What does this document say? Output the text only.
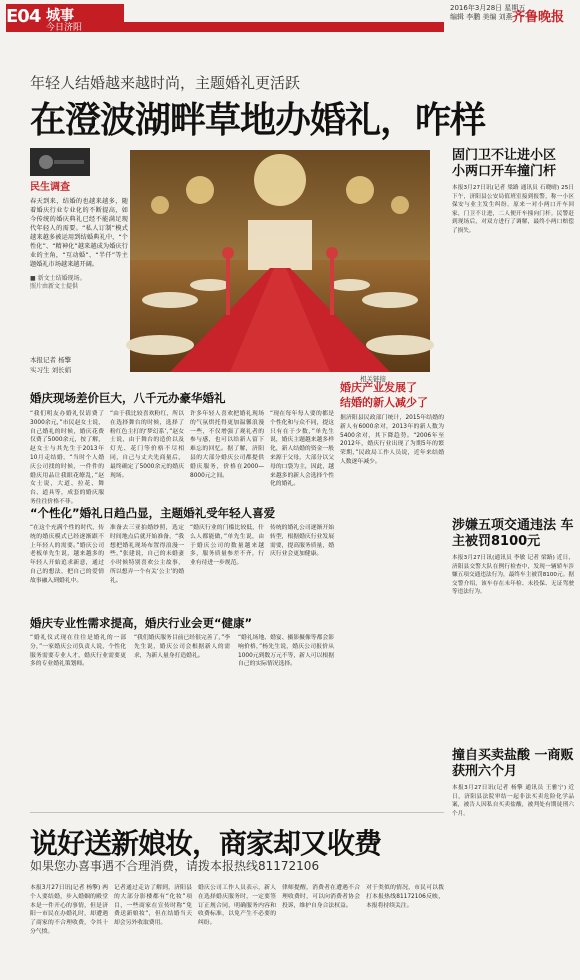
E04 城事
今日济阳
2016年3月28日 星期五
编辑 李鹏 美编 刘燕 齐鲁晚报
年轻人结婚越来越时尚，主题婚礼更活跃
在澄波湖畔草地办婚礼，咋样
民生调查
春天到来，结婚的也越来越多，随着婚庆行业专业化的不断提高，如今传统的婚庆典礼已经不能满足现代年轻人的需要。“私人订制”模式越来越多被运用到结婚典礼中，“个性化”、“精神化”越来越成为婚庆行业的主角，“互动婚”、“半仟”等主题婚礼市场越来越开阔。
■ 新文士结婚现场。
照片由新文士提供
本报记者 杨擎
实习生 刘长娟
相关链接
固门卫不让进小区
小两口开车撞门杆
本报3月27日讯(记者 梁路 通讯员 石晓晴) 25日下午，济阳县公安局值班室接到报警，称一小区保安与业主发生纠纷。原来一对小两口开车回家，门卫不让进，二人便开车撞向门杆。民警赶到现场后，对双方进行了调解，最终小两口赔偿了损失。
涉嫌五项交通违法 车主被罚8100元
本报3月27日讯(通讯员 李敏 记者 梁路) 近日，济阳县交警大队在例行检查中，发现一辆轿车涉嫌五项交通违法行为，最终车主被罚8100元。据交警介绍，该车存在未年检、未投保、无证驾驶等违法行为。
撞自买卖盐酸 一商贩获刑六个月
本报3月27日讯(记者 杨擎 通讯员 王雅宁) 近日，济阳县法院审结一起非法买卖危险化学品案，被告人因私自买卖盐酸，被判处有期徒刑六个月。
婚庆产业发展了
结婚的新人减少了
据济阳县民政部门统计，2015年结婚的新人有6000余对，2013年的新人数为5400余对，其下降趋势。“2006年至2012年，婚庆行业出现了为期5年的繁荣期，”民政局工作人员说，近年来结婚人数逐年减少。
婚庆现场差价巨大，八千元办豪华婚礼
“我们明友办婚礼仅请费了3000余元，”市民赵女士说，自己婚礼的时候，婚庆花费仅费了5000余元，按了解，赵女士与其先生于2013年10月走结婚，“当时个人婚庆公司找的时候，一件件的婚庆用品让我眼花缭乱，”赵女士说，大道、拉花、舞台、道具等，成套的婚庆服务往往价格不菲。
“由于我比较喜欢粉红，所以在选择舞台的时候，选择了粉红色主打的‘梦幻系’，”赵女士说，由于舞台的造价以及灯光、花门等价格不尽相同，自己与丈夫先商量后，最终确定了5000余元的婚庆现场。
许多年轻人喜欢把婚礼现场的气氛烘托得更加温馨浪漫一些，不仅增强了观礼者的参与感，也可以给新人留下难忘的回忆。据了解，济阳县的大部分婚庆公司都提供婚庆服务，价格在2000—8000元之间。
“现在每年每人要的都是个性化和与众不同，提这只有在于少数，”单先生说，婚庆主题越来越多样化，新人结婚的资金一般来源于父母，大部分以父母的口袋为主，因此，越来越多的新人会选择个性化的婚礼。
“个性化”婚礼日趋凸显，主题婚礼受年轻人喜爱
“在这个充满个性的时代，传统的婚庆模式已经逐渐跟不上年轻人的需要。”婚庆公司老板单先生说，越来越多的年轻人开始追求新意，通过自己的想法，把自己的爱情故事融入到婚礼中。
准备去三亚拍婚纱照，选定时间地点后就开始准备，“我想把婚礼现场布置得浪漫一些，”张建说，自己的未婚妻小时候特别喜欢公主故事，所以想弄一个有关‘公主’的婚礼。
“婚庆行业的门槛比较低，什么人都能做，”单先生说，由于婚庆公司的数量越来越多，服务质量参差不齐，行业有待进一步规范。
传统的婚礼公司逐渐开始转型，根据婚庆行业发展需要，提高服务质量，婚庆行业会更加健康。
婚庆专业性需求提高，婚庆行业会更“健康”
“婚礼仪式现在往往是婚礼的一部分，”一家婚庆公司负责人说，个性化服务需要专业人才，婚庆行业需要更多的专业婚礼策划师。
“我们婚庆服务目前已经很完善了，”李先生说，婚庆公司会根据新人的需求，为新人量身打造婚礼。
“婚礼场地、婚宴、摄影摄像等都会影响价格，”杨先生说，婚庆公司报价从1000元到数万元不等，新人可以根据自己的实际情况选择。
说好送新娘妆，商家却又收费
如果您办喜事遇不合理消费，请拨本报热线81172106
本报3月27日讯(记者 杨擎) 两个人要结婚，步入婚姻的殿堂本是一件开心的事情，但是济阳一市民在办婚礼时，却遭遇了商家的不合理收费，令其十分气愤。
记者通过走访了解到，济阳县的大部分影楼都有“化妆”项目，一些商家在宣传时称“免费送新娘妆”，但在结婚当天却会另外收取费用。
婚庆公司工作人员表示，新人在选择婚庆服务时，一定要签订正规合同，明确服务内容和收费标准，以免产生不必要的纠纷。
律师提醒，消费者在遭遇不合理收费时，可以向消费者协会投诉，维护自身合法权益。
对于类似的情况，市民可以拨打本报热线81172106反映，本报将持续关注。
